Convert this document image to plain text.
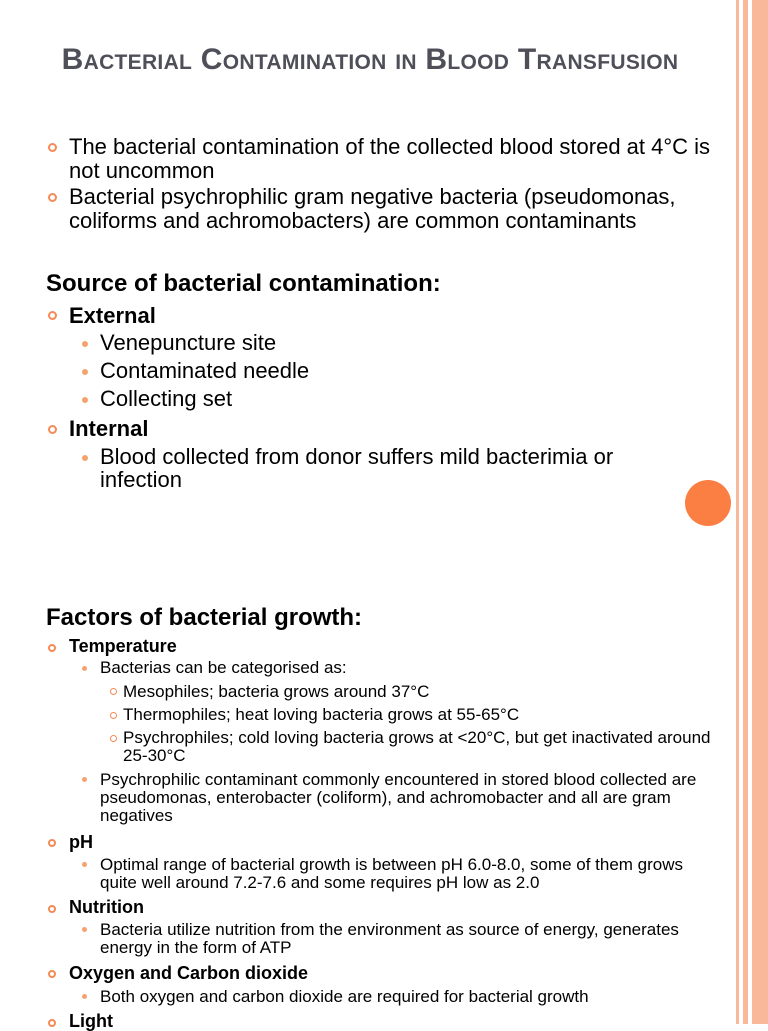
Bacterial Contamination in Blood Transfusion
The bacterial contamination of the collected blood stored at 4°C is not uncommon
Bacterial psychrophilic gram negative bacteria (pseudomonas, coliforms and achromobacters) are common contaminants
Source of bacterial contamination:
External
Venepuncture site
Contaminated needle
Collecting set
Internal
Blood collected from donor suffers mild bacterimia or infection
Factors of bacterial growth:
Temperature
Bacterias can be categorised as:
Mesophiles; bacteria grows around 37°C
Thermophiles; heat loving bacteria grows at 55-65°C
Psychrophiles; cold loving bacteria grows at <20°C, but get inactivated around 25-30°C
Psychrophilic contaminant commonly encountered in stored blood collected are pseudomonas, enterobacter (coliform), and achromobacter and all are gram negatives
pH
Optimal range of bacterial growth is between pH 6.0-8.0, some of them grows quite well around 7.2-7.6 and some requires pH low as 2.0
Nutrition
Bacteria utilize nutrition from the environment as source of energy, generates energy in the form of ATP
Oxygen and Carbon dioxide
Both oxygen and carbon dioxide are required for bacterial growth
Light
